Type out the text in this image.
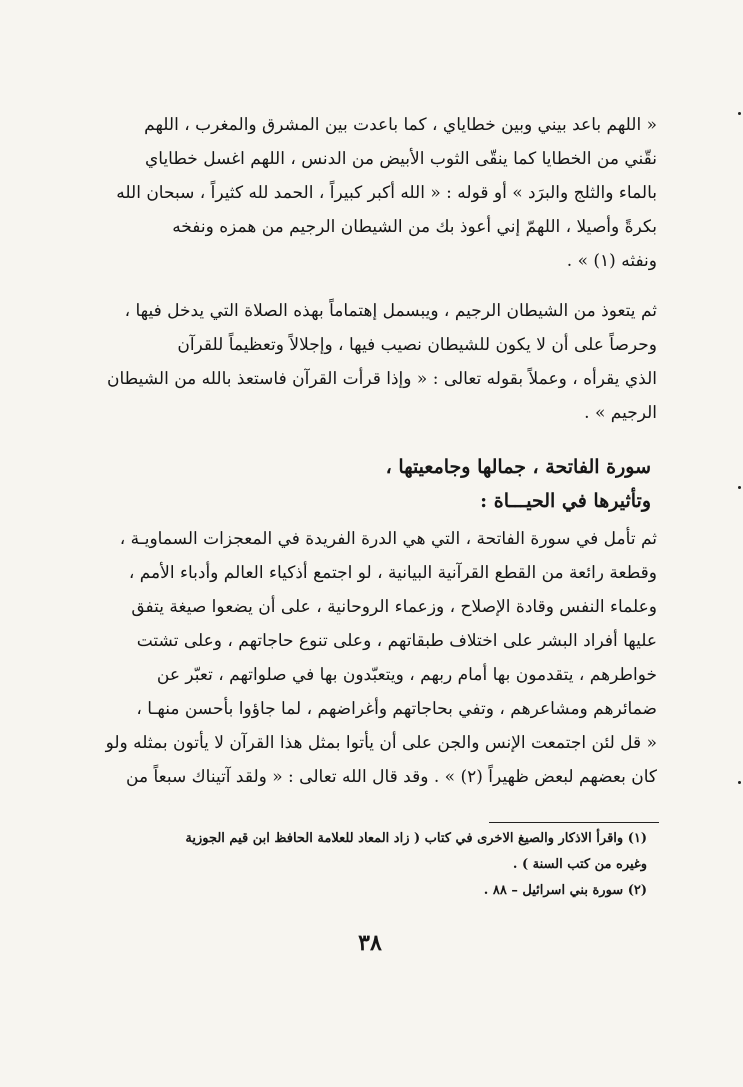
« اللهم باعد بيني وبين خطاياي ، كما باعدت بين المشرق والمغرب ، اللهم
نقّني من الخطايا كما ينقّى الثوب الأبيض من الدنس ، اللهم اغسل خطاياي
بالماء والثلج والبرَد » أو قوله : « الله أكبر كبيراً ، الحمد لله كثيراً ، سبحان الله
بكرةً وأصيلا ، اللهمّ إني أعوذ بك من الشيطان الرجيم من همزه ونفخه
ونفثه (١) » .
ثم يتعوذ من الشيطان الرجيم ، ويبسمل إهتماماً بهذه الصلاة التي يدخل فيها ،
وحرصاً على أن لا يكون للشيطان نصيب فيها ، وإجلالاً وتعظيماً للقرآن
الذي يقرأه ، وعملاً بقوله تعالى : « وإذا قرأت القرآن فاستعذ بالله من الشيطان
الرجيم » .
سورة الفاتحة ، جمالها وجامعيتها ،
وتأثيرها في الحيـــاة :
ثم تأمل في سورة الفاتحة ، التي هي الدرة الفريدة في المعجزات السماويـة ،
وقطعة رائعة من القطع القرآنية البيانية ، لو اجتمع أذكياء العالم وأدباء الأمم ،
وعلماء النفس وقادة الإصلاح ، وزعماء الروحانية ، على أن يضعوا صيغة يتفق
عليها أفراد البشر على اختلاف طبقاتهم ، وعلى تنوع حاجاتهم ، وعلى تشتت
خواطرهم ، يتقدمون بها أمام ربهم ، ويتعبّدون بها في صلواتهم ، تعبّر عن
ضمائرهم ومشاعرهم ، وتفي بحاجاتهم وأغراضهم ، لما جاؤوا بأحسن منهـا ،
« قل لئن اجتمعت الإنس والجن على أن يأتوا بمثل هذا القرآن لا يأتون بمثله ولو
كان بعضهم لبعض ظهيراً (٢) » . وقد قال الله تعالى : « ولقد آتيناك سبعاً من
(١) واقرأ الاذكار والصيغ الاخرى في كتاب ( زاد المعاد للعلامة الحافظ ابن قيم الجوزية
وغيره من كتب السنة ) .
(٢) سورة بني اسرائيل – ٨٨ .
٣٨
